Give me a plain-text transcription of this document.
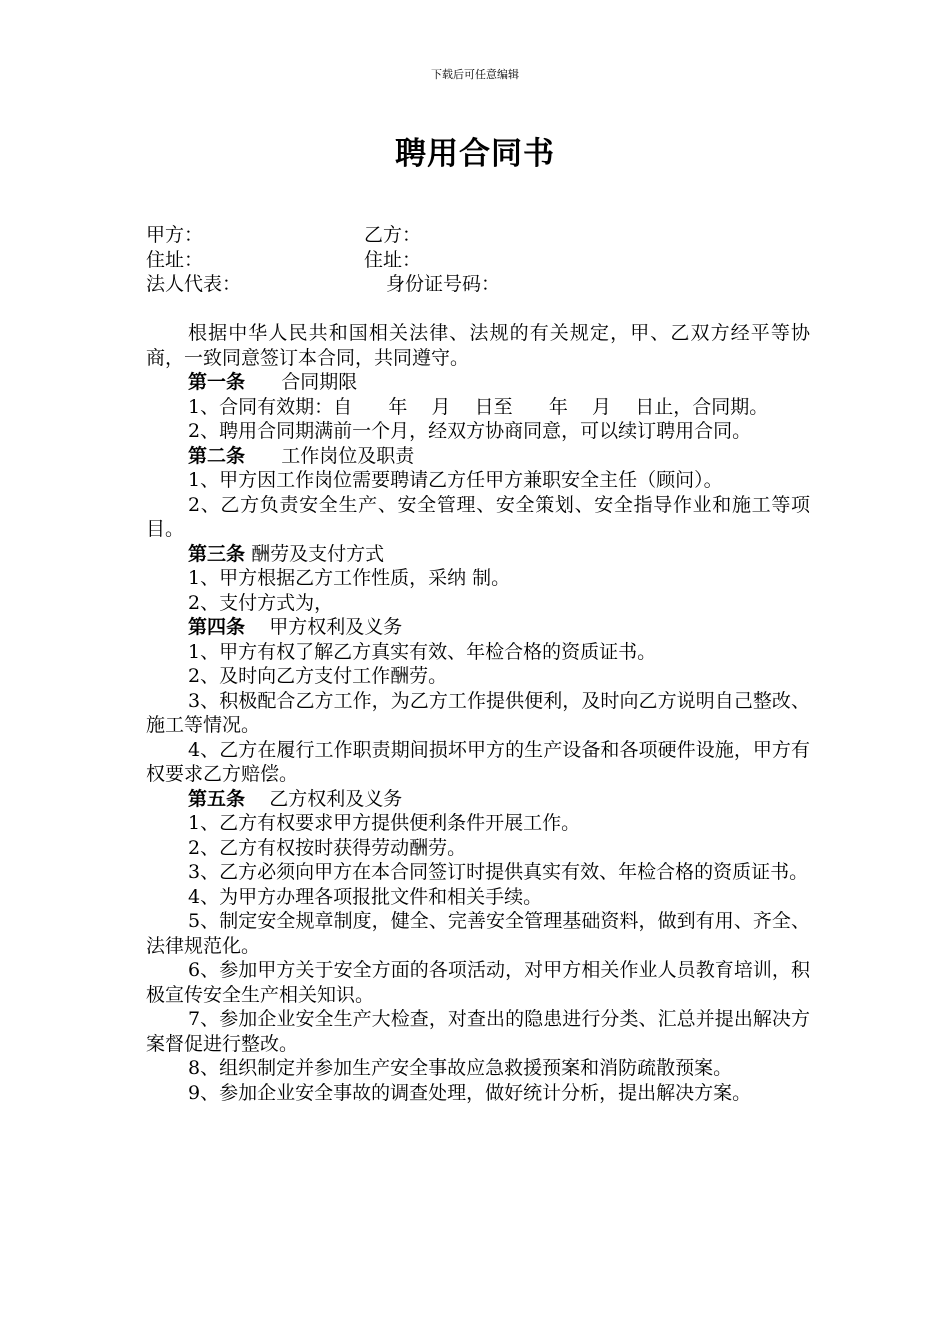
下载后可任意编辑
聘用合同书
甲方：	乙方：
住址：	住址：
法人代表：	身份证号码：

根据中华人民共和国相关法律、法规的有关规定，甲、乙双方经平等协商，一致同意签订本合同，共同遵守。

第一条 合同期限

1、合同有效期：自      年    月    日至      年    月    日止，合同期。

2、聘用合同期满前一个月，经双方协商同意，可以续订聘用合同。

第二条 工作岗位及职责

1、甲方因工作岗位需要聘请乙方任甲方兼职安全主任（顾问）。

2、乙方负责安全生产、安全管理、安全策划、安全指导作业和施工等项目。

第三条 酬劳及支付方式

1、甲方根据乙方工作性质，采纳 制。

2、支付方式为，

第四条 甲方权利及义务

1、甲方有权了解乙方真实有效、年检合格的资质证书。

2、及时向乙方支付工作酬劳。

3、积极配合乙方工作，为乙方工作提供便利，及时向乙方说明自己整改、施工等情况。

4、乙方在履行工作职责期间损坏甲方的生产设备和各项硬件设施，甲方有权要求乙方赔偿。

第五条 乙方权利及义务

1、乙方有权要求甲方提供便利条件开展工作。

2、乙方有权按时获得劳动酬劳。

3、乙方必须向甲方在本合同签订时提供真实有效、年检合格的资质证书。

4、为甲方办理各项报批文件和相关手续。

5、制定安全规章制度，健全、完善安全管理基础资料，做到有用、齐全、法律规范化。

6、参加甲方关于安全方面的各项活动，对甲方相关作业人员教育培训，积极宣传安全生产相关知识。

7、参加企业安全生产大检查，对查出的隐患进行分类、汇总并提出解决方案督促进行整改。

8、组织制定并参加生产安全事故应急救援预案和消防疏散预案。

9、参加企业安全事故的调查处理，做好统计分析，提出解决方案。
